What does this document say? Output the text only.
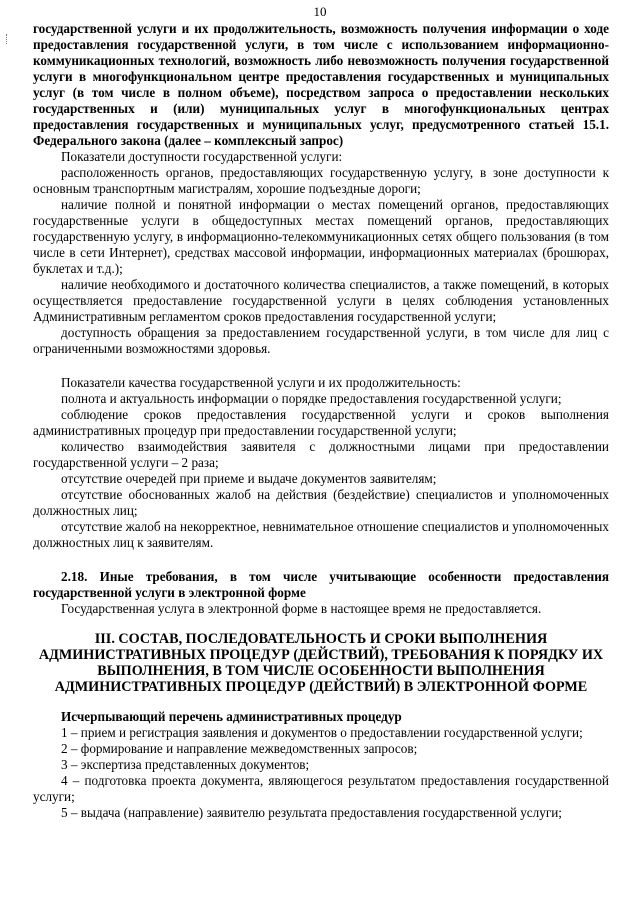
10

государственной услуги и их продолжительность, возможность получения информации о ходе предоставления государственной услуги, в том числе с использованием информационно-коммуникационных технологий, возможность либо невозможность получения государственной услуги в многофункциональном центре предоставления государственных и муниципальных услуг (в том числе в полном объеме), посредством запроса о предоставлении нескольких государственных и (или) муниципальных услуг в многофункциональных центрах предоставления государственных и муниципальных услуг, предусмотренного статьей 15.1. Федерального закона (далее – комплексный запрос)

Показатели доступности государственной услуги:

расположенность органов, предоставляющих государственную услугу, в зоне доступности к основным транспортным магистралям, хорошие подъездные дороги;

наличие полной и понятной информации о местах помещений органов, предоставляющих государственные услуги в общедоступных местах помещений органов, предоставляющих государственную услугу, в информационно-телекоммуникационных сетях общего пользования (в том числе в сети Интернет), средствах массовой информации, информационных материалах (брошюрах, буклетах и т.д.);

наличие необходимого и достаточного количества специалистов, а также помещений, в которых осуществляется предоставление государственной услуги в целях соблюдения установленных Административным регламентом сроков предоставления государственной услуги;

доступность обращения за предоставлением государственной услуги, в том числе для лиц с ограниченными возможностями здоровья.

Показатели качества государственной услуги и их продолжительность:

полнота и актуальность информации о порядке предоставления государственной услуги;

соблюдение сроков предоставления государственной услуги и сроков выполнения административных процедур при предоставлении государственной услуги;

количество взаимодействия заявителя с должностными лицами при предоставлении государственной услуги – 2 раза;

отсутствие очередей при приеме и выдаче документов заявителям;

отсутствие обоснованных жалоб на действия (бездействие) специалистов и уполномоченных должностных лиц;

отсутствие жалоб на некорректное, невнимательное отношение специалистов и уполномоченных должностных лиц к заявителям.

2.18. Иные требования, в том числе учитывающие особенности предоставления государственной услуги в электронной форме

Государственная услуга в электронной форме в настоящее время не предоставляется.

III. СОСТАВ, ПОСЛЕДОВАТЕЛЬНОСТЬ И СРОКИ ВЫПОЛНЕНИЯ АДМИНИСТРАТИВНЫХ ПРОЦЕДУР (ДЕЙСТВИЙ), ТРЕБОВАНИЯ К ПОРЯДКУ ИХ ВЫПОЛНЕНИЯ, В ТОМ ЧИСЛЕ ОСОБЕННОСТИ ВЫПОЛНЕНИЯ АДМИНИСТРАТИВНЫХ ПРОЦЕДУР (ДЕЙСТВИЙ) В ЭЛЕКТРОННОЙ ФОРМЕ

Исчерпывающий перечень административных процедур

1 – прием и регистрация заявления и документов о предоставлении государственной услуги;

2 – формирование и направление межведомственных запросов;

3 – экспертиза представленных документов;

4 – подготовка проекта документа, являющегося результатом предоставления государственной услуги;

5 – выдача (направление) заявителю результата предоставления государственной услуги;
